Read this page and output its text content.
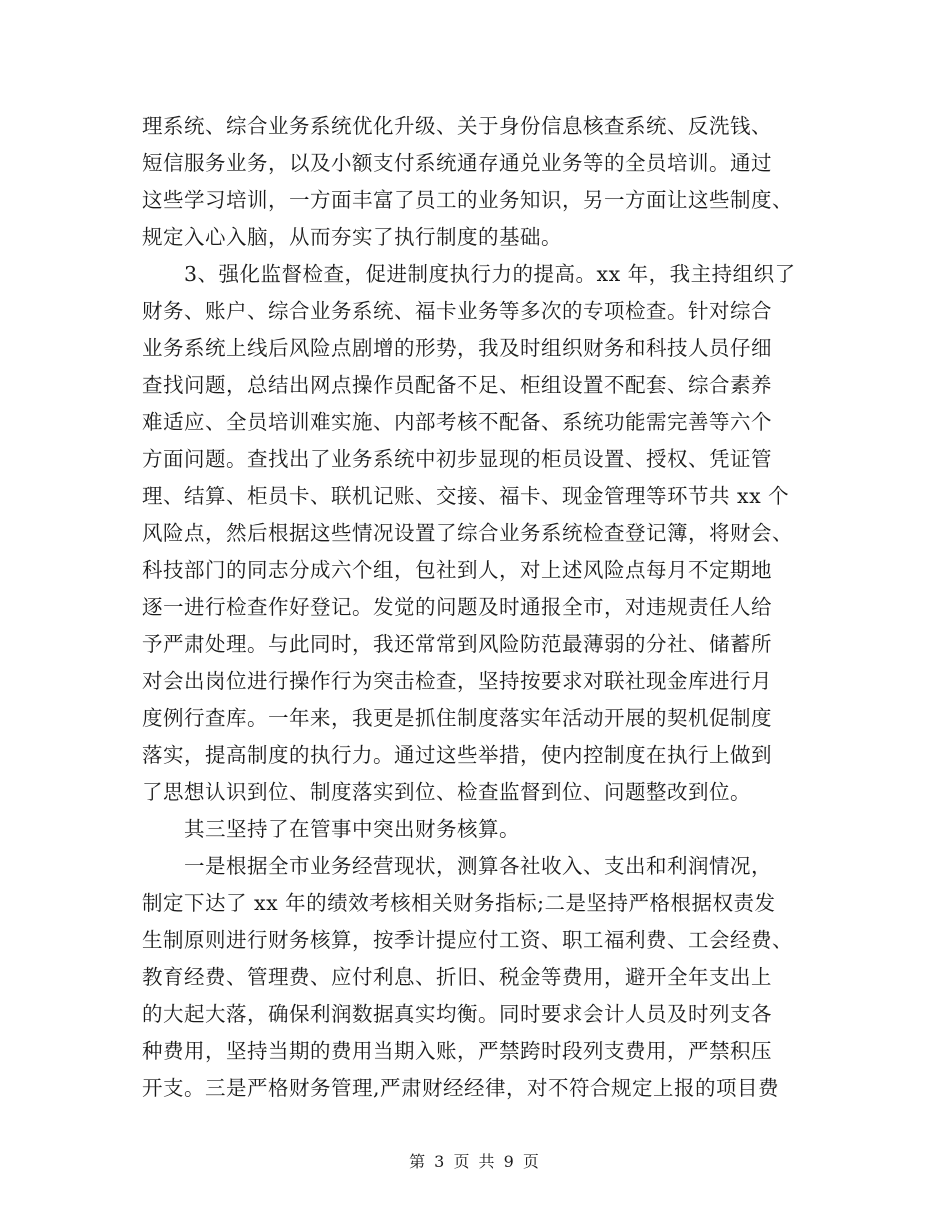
理系统、综合业务系统优化升级、关于身份信息核查系统、反洗钱、
短信服务业务，以及小额支付系统通存通兑业务等的全员培训。通过
这些学习培训，一方面丰富了员工的业务知识，另一方面让这些制度、
规定入心入脑，从而夯实了执行制度的基础。
3、强化监督检查，促进制度执行力的提高。xx 年，我主持组织了
财务、账户、综合业务系统、福卡业务等多次的专项检查。针对综合
业务系统上线后风险点剧增的形势，我及时组织财务和科技人员仔细
查找问题，总结出网点操作员配备不足、柜组设置不配套、综合素养
难适应、全员培训难实施、内部考核不配备、系统功能需完善等六个
方面问题。查找出了业务系统中初步显现的柜员设置、授权、凭证管
理、结算、柜员卡、联机记账、交接、福卡、现金管理等环节共 xx 个
风险点，然后根据这些情况设置了综合业务系统检查登记簿，将财会、
科技部门的同志分成六个组，包社到人，对上述风险点每月不定期地
逐一进行检查作好登记。发觉的问题及时通报全市，对违规责任人给
予严肃处理。与此同时，我还常常到风险防范最薄弱的分社、储蓄所
对会出岗位进行操作行为突击检查，坚持按要求对联社现金库进行月
度例行查库。一年来，我更是抓住制度落实年活动开展的契机促制度
落实，提高制度的执行力。通过这些举措，使内控制度在执行上做到
了思想认识到位、制度落实到位、检查监督到位、问题整改到位。
其三坚持了在管事中突出财务核算。
一是根据全市业务经营现状，测算各社收入、支出和利润情况，
制定下达了 xx 年的绩效考核相关财务指标;二是坚持严格根据权责发
生制原则进行财务核算，按季计提应付工资、职工福利费、工会经费、
教育经费、管理费、应付利息、折旧、税金等费用，避开全年支出上
的大起大落，确保利润数据真实均衡。同时要求会计人员及时列支各
种费用，坚持当期的费用当期入账，严禁跨时段列支费用，严禁积压
开支。三是严格财务管理,严肃财经经律，对不符合规定上报的项目费
第 3 页 共 9 页
